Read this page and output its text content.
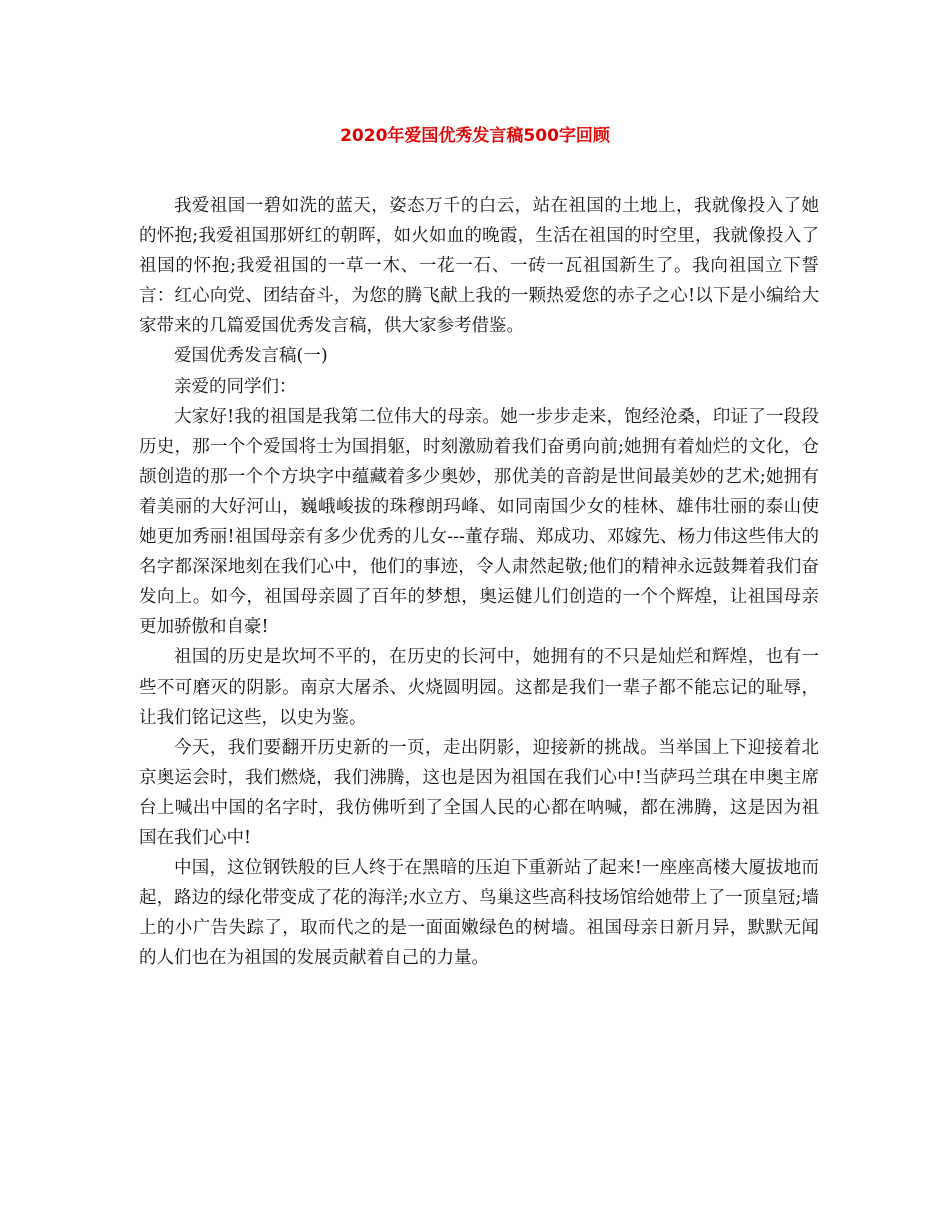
2020年爱国优秀发言稿500字回顾

我爱祖国一碧如洗的蓝天，姿态万千的白云，站在祖国的土地上，我就像投入了她的怀抱;我爱祖国那妍红的朝晖，如火如血的晚霞，生活在祖国的时空里，我就像投入了祖国的怀抱;我爱祖国的一草一木、一花一石、一砖一瓦祖国新生了。我向祖国立下誓言：红心向党、团结奋斗，为您的腾飞献上我的一颗热爱您的赤子之心!以下是小编给大家带来的几篇爱国优秀发言稿，供大家参考借鉴。

爱国优秀发言稿(一)

亲爱的同学们：

大家好!我的祖国是我第二位伟大的母亲。她一步步走来，饱经沧桑，印证了一段段历史，那一个个爱国将士为国捐躯，时刻激励着我们奋勇向前;她拥有着灿烂的文化，仓颉创造的那一个个方块字中蕴藏着多少奥妙，那优美的音韵是世间最美妙的艺术;她拥有着美丽的大好河山，巍峨峻拔的珠穆朗玛峰、如同南国少女的桂林、雄伟壮丽的泰山使她更加秀丽!祖国母亲有多少优秀的儿女---董存瑞、郑成功、邓嫁先、杨力伟这些伟大的名字都深深地刻在我们心中，他们的事迹，令人肃然起敬;他们的精神永远鼓舞着我们奋发向上。如今，祖国母亲圆了百年的梦想，奥运健儿们创造的一个个辉煌，让祖国母亲更加骄傲和自豪!

祖国的历史是坎坷不平的，在历史的长河中，她拥有的不只是灿烂和辉煌，也有一些不可磨灭的阴影。南京大屠杀、火烧圆明园。这都是我们一辈子都不能忘记的耻辱，让我们铭记这些，以史为鉴。

今天，我们要翻开历史新的一页，走出阴影，迎接新的挑战。当举国上下迎接着北京奥运会时，我们燃烧，我们沸腾，这也是因为祖国在我们心中!当萨玛兰琪在申奥主席台上喊出中国的名字时，我仿佛听到了全国人民的心都在呐喊，都在沸腾，这是因为祖国在我们心中!

中国，这位钢铁般的巨人终于在黑暗的压迫下重新站了起来!一座座高楼大厦拔地而起，路边的绿化带变成了花的海洋;水立方、鸟巢这些高科技场馆给她带上了一顶皇冠;墙上的小广告失踪了，取而代之的是一面面嫩绿色的树墙。祖国母亲日新月异，默默无闻的人们也在为祖国的发展贡献着自己的力量。
